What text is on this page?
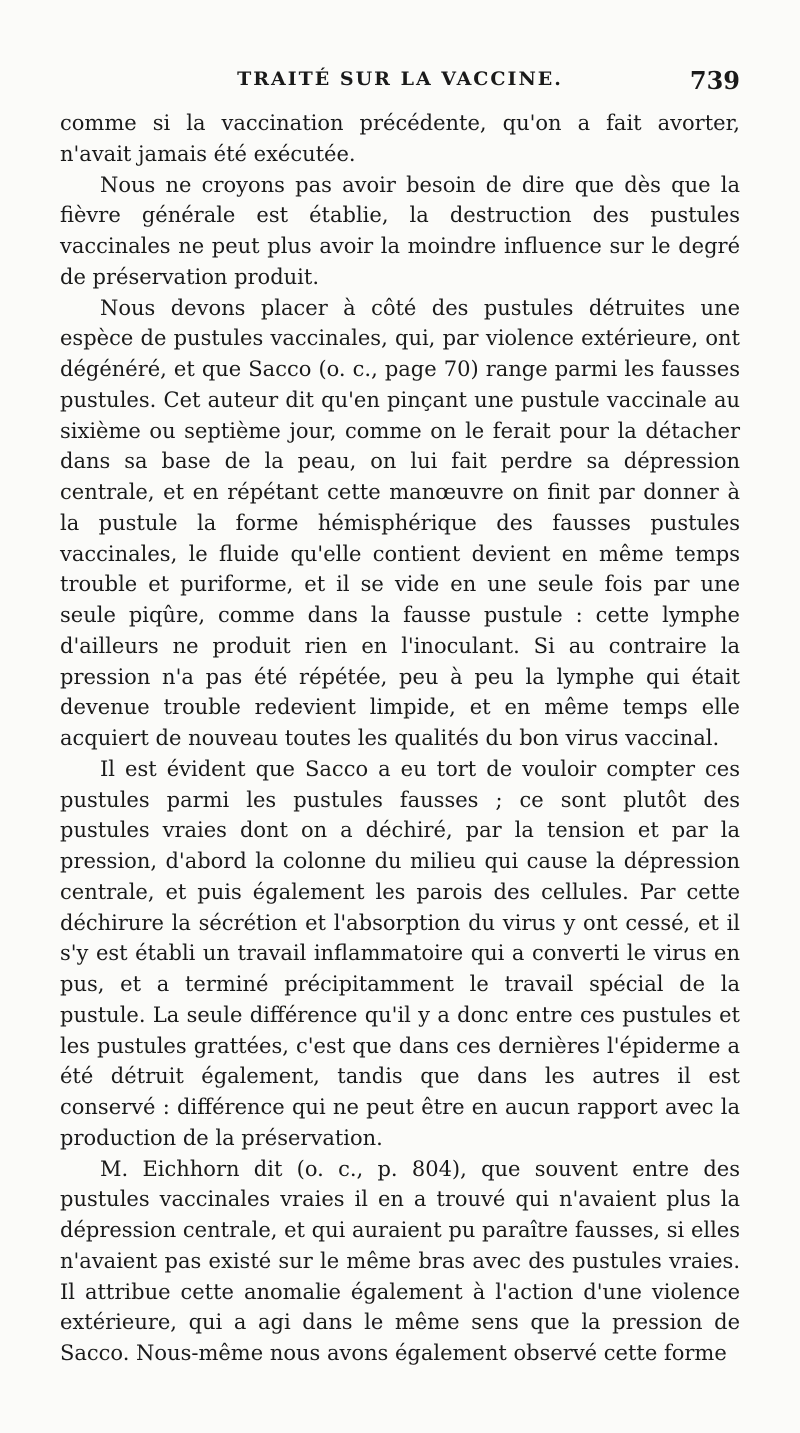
TRAITÉ SUR LA VACCINE.	739

comme si la vaccination précédente, qu'on a fait avorter, n'avait jamais été exécutée.

Nous ne croyons pas avoir besoin de dire que dès que la fièvre générale est établie, la destruction des pustules vaccinales ne peut plus avoir la moindre influence sur le degré de préservation produit.

Nous devons placer à côté des pustules détruites une espèce de pustules vaccinales, qui, par violence extérieure, ont dégénéré, et que Sacco (o. c., page 70) range parmi les fausses pustules. Cet auteur dit qu'en pinçant une pustule vaccinale au sixième ou septième jour, comme on le ferait pour la détacher dans sa base de la peau, on lui fait perdre sa dépression centrale, et en répétant cette manœuvre on finit par donner à la pustule la forme hémisphérique des fausses pustules vaccinales, le fluide qu'elle contient devient en même temps trouble et puriforme, et il se vide en une seule fois par une seule piqûre, comme dans la fausse pustule : cette lymphe d'ailleurs ne produit rien en l'inoculant. Si au contraire la pression n'a pas été répétée, peu à peu la lymphe qui était devenue trouble redevient limpide, et en même temps elle acquiert de nouveau toutes les qualités du bon virus vaccinal.

Il est évident que Sacco a eu tort de vouloir compter ces pustules parmi les pustules fausses ; ce sont plutôt des pustules vraies dont on a déchiré, par la tension et par la pression, d'abord la colonne du milieu qui cause la dépression centrale, et puis également les parois des cellules. Par cette déchirure la sécrétion et l'absorption du virus y ont cessé, et il s'y est établi un travail inflammatoire qui a converti le virus en pus, et a terminé précipitamment le travail spécial de la pustule. La seule différence qu'il y a donc entre ces pustules et les pustules grattées, c'est que dans ces dernières l'épiderme a été détruit également, tandis que dans les autres il est conservé : différence qui ne peut être en aucun rapport avec la production de la préservation.

M. Eichhorn dit (o. c., p. 804), que souvent entre des pustules vaccinales vraies il en a trouvé qui n'avaient plus la dépression centrale, et qui auraient pu paraître fausses, si elles n'avaient pas existé sur le même bras avec des pustules vraies. Il attribue cette anomalie également à l'action d'une violence extérieure, qui a agi dans le même sens que la pression de Sacco. Nous-même nous avons également observé cette forme
